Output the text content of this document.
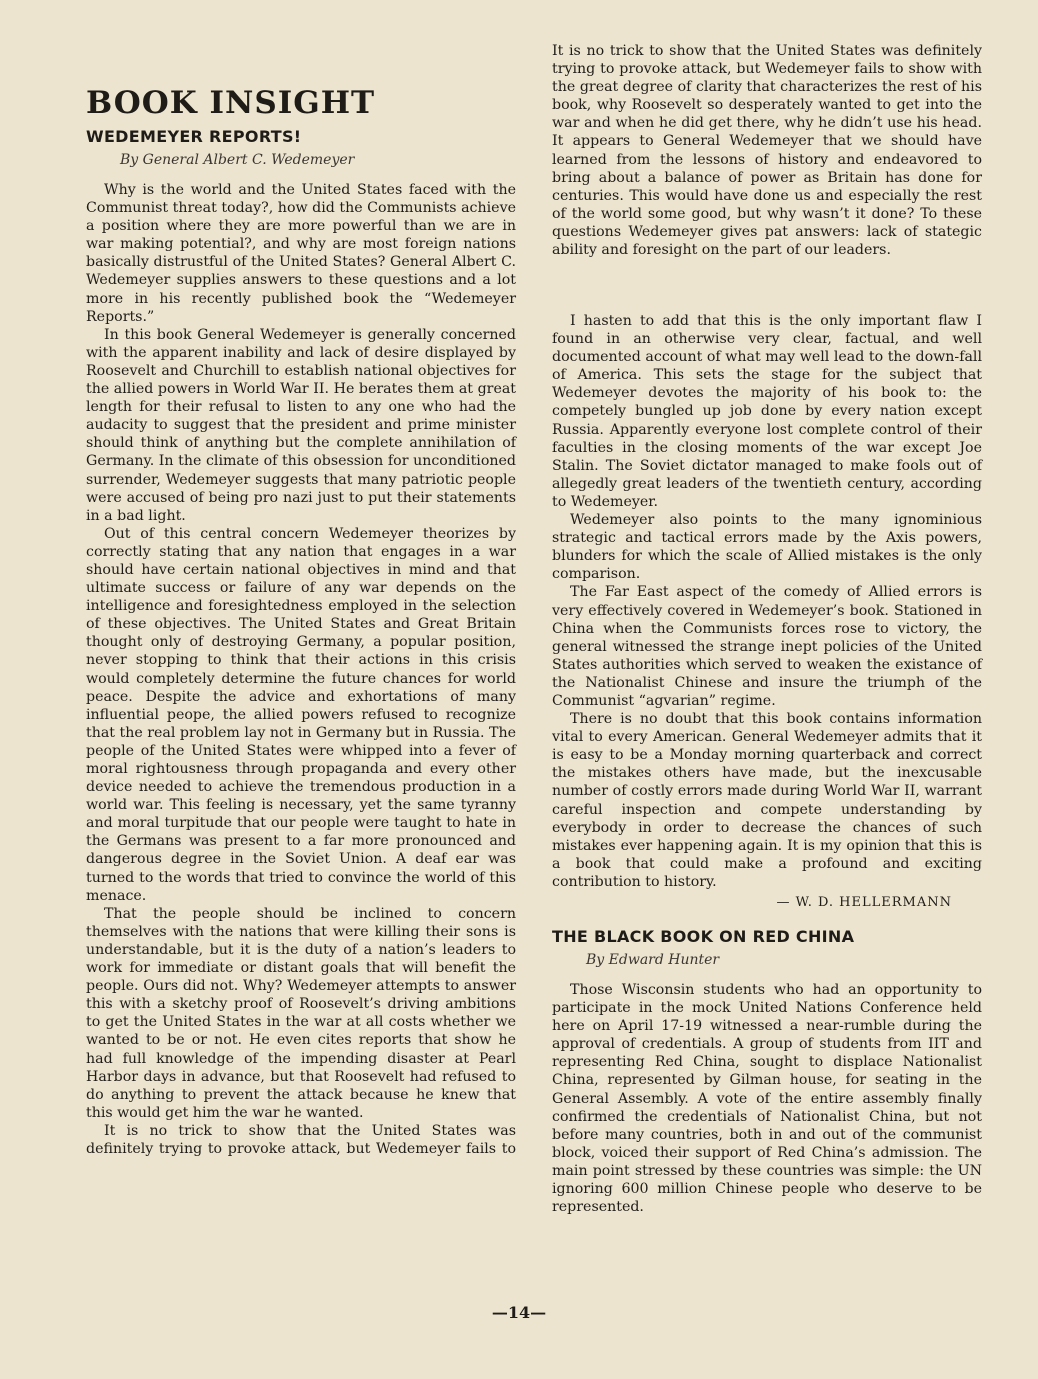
BOOK INSIGHT
WEDEMEYER REPORTS!
By General Albert C. Wedemeyer

Why is the world and the United States faced with the Communist threat today?, how did the Communists achieve a position where they are more powerful than we are in war making potential?, and why are most foreign nations basically distrustful of the United States? General Albert C. Wedemeyer supplies answers to these questions and a lot more in his recently published book the “Wedemeyer Reports.”

In this book General Wedemeyer is generally concerned with the apparent inability and lack of desire displayed by Roosevelt and Churchill to establish national objectives for the allied powers in World War II. He berates them at great length for their refusal to listen to any one who had the audacity to suggest that the president and prime minister should think of anything but the complete annihilation of Germany. In the climate of this obsession for unconditioned surrender, Wedemeyer suggests that many patriotic people were accused of being pro nazi just to put their statements in a bad light.

Out of this central concern Wedemeyer theorizes by correctly stating that any nation that engages in a war should have certain national objectives in mind and that ultimate success or failure of any war depends on the intelligence and foresightedness employed in the selection of these objectives. The United States and Great Britain thought only of destroying Germany, a popular position, never stopping to think that their actions in this crisis would completely determine the future chances for world peace. Despite the advice and exhortations of many influential peope, the allied powers refused to recognize that the real problem lay not in Germany but in Russia. The people of the United States were whipped into a fever of moral rightousness through propaganda and every other device needed to achieve the tremendous production in a world war. This feeling is necessary, yet the same tyranny and moral turpitude that our people were taught to hate in the Germans was present to a far more pronounced and dangerous degree in the Soviet Union. A deaf ear was turned to the words that tried to convince the world of this menace.

That the people should be inclined to concern themselves with the nations that were killing their sons is understandable, but it is the duty of a nation’s leaders to work for immediate or distant goals that will benefit the people. Ours did not. Why? Wedemeyer attempts to answer this with a sketchy proof of Roosevelt’s driving ambitions to get the United States in the war at all costs whether we wanted to be or not. He even cites reports that show he had full knowledge of the impending disaster at Pearl Harbor days in advance, but that Roosevelt had refused to do anything to prevent the attack because he knew that this would get him the war he wanted.

It is no trick to show that the United States was definitely trying to provoke attack, but Wedemeyer fails to

It is no trick to show that the United States was definitely trying to provoke attack, but Wedemeyer fails to show with the great degree of clarity that characterizes the rest of his book, why Roosevelt so desperately wanted to get into the war and when he did get there, why he didn’t use his head. It appears to General Wedemeyer that we should have learned from the lessons of history and endeavored to bring about a balance of power as Britain has done for centuries. This would have done us and especially the rest of the world some good, but why wasn’t it done? To these questions Wedemeyer gives pat answers: lack of stategic ability and foresight on the part of our leaders.

I hasten to add that this is the only important flaw I found in an otherwise very clear, factual, and well documented account of what may well lead to the down-fall of America. This sets the stage for the subject that Wedemeyer devotes the majority of his book to: the competely bungled up job done by every nation except Russia. Apparently everyone lost complete control of their faculties in the closing moments of the war except Joe Stalin. The Soviet dictator managed to make fools out of allegedly great leaders of the twentieth century, according to Wedemeyer.

Wedemeyer also points to the many ignominious strategic and tactical errors made by the Axis powers, blunders for which the scale of Allied mistakes is the only comparison.

The Far East aspect of the comedy of Allied errors is very effectively covered in Wedemeyer’s book. Stationed in China when the Communists forces rose to victory, the general witnessed the strange inept policies of the United States authorities which served to weaken the existance of the Nationalist Chinese and insure the triumph of the Communist “agvarian” regime.

There is no doubt that this book contains information vital to every American. General Wedemeyer admits that it is easy to be a Monday morning quarterback and correct the mistakes others have made, but the inexcusable number of costly errors made during World War II, warrant careful inspection and compete understanding by everybody in order to decrease the chances of such mistakes ever happening again. It is my opinion that this is a book that could make a profound and exciting contribution to history.

— W. D. HELLERMANN
THE BLACK BOOK ON RED CHINA
By Edward Hunter

Those Wisconsin students who had an opportunity to participate in the mock United Nations Conference held here on April 17-19 witnessed a near-rumble during the approval of credentials. A group of students from IIT and representing Red China, sought to displace Nationalist China, represented by Gilman house, for seating in the General Assembly. A vote of the entire assembly finally confirmed the credentials of Nationalist China, but not before many countries, both in and out of the communist block, voiced their support of Red China’s admission. The main point stressed by these countries was simple: the UN ignoring 600 million Chinese people who deserve to be represented.

—14—
